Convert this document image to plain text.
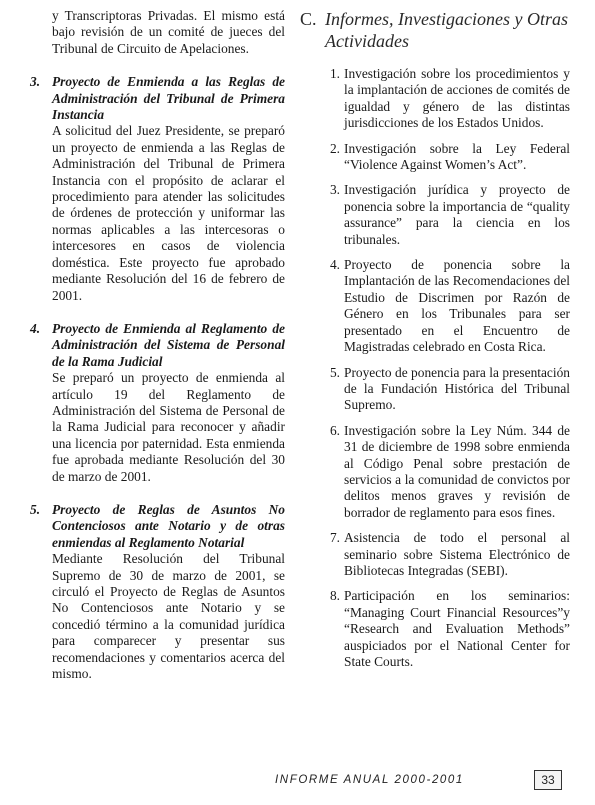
y Transcriptoras Privadas. El mismo está bajo revisión de un comité de jueces del Tribunal de Circuito de Apelaciones.

3. Proyecto de Enmienda a las Reglas de Administración del Tribunal de Primera Instancia

A solicitud del Juez Presidente, se preparó un proyecto de enmienda a las Reglas de Administración del Tribunal de Primera Instancia con el propósito de aclarar el procedimiento para atender las solicitudes de órdenes de protección y uniformar las normas aplicables a las intercesoras o intercesores en casos de violencia doméstica. Este proyecto fue aprobado mediante Resolución del 16 de febrero de 2001.

4. Proyecto de Enmienda al Reglamento de Administración del Sistema de Personal de la Rama Judicial

Se preparó un proyecto de enmienda al artículo 19 del Reglamento de Administración del Sistema de Personal de la Rama Judicial para reconocer y añadir una licencia por paternidad. Esta enmienda fue aprobada mediante Resolución del 30 de marzo de 2001.

5. Proyecto de Reglas de Asuntos No Contenciosos ante Notario y de otras enmiendas al Reglamento Notarial

Mediante Resolución del Tribunal Supremo de 30 de marzo de 2001, se circuló el Proyecto de Reglas de Asuntos No Contenciosos ante Notario y se concedió término a la comunidad jurídica para comparecer y presentar sus recomendaciones y comentarios acerca del mismo.

C. Informes, Investigaciones y Otras Actividades
1. Investigación sobre los procedimientos y la implantación de acciones de comités de igualdad y género de las distintas jurisdicciones de los Estados Unidos.
2. Investigación sobre la Ley Federal “Violence Against Women’s Act”.
3. Investigación jurídica y proyecto de ponencia sobre la importancia de “quality assurance” para la ciencia en los tribunales.
4. Proyecto de ponencia sobre la Implantación de las Recomendaciones del Estudio de Discrimen por Razón de Género en los Tribunales para ser presentado en el Encuentro de Magistradas celebrado en Costa Rica.
5. Proyecto de ponencia para la presentación de la Fundación Histórica del Tribunal Supremo.
6. Investigación sobre la Ley Núm. 344 de 31 de diciembre de 1998 sobre enmienda al Código Penal sobre prestación de servicios a la comunidad de convictos por delitos menos graves y revisión de borrador de reglamento para esos fines.
7. Asistencia de todo el personal al seminario sobre Sistema Electrónico de Bibliotecas Integradas (SEBI).
8. Participación en los seminarios: “Managing Court Financial Resources”y “Research and Evaluation Methods” auspiciados por el National Center for State Courts.
INFORME ANUAL 2000-2001	33
